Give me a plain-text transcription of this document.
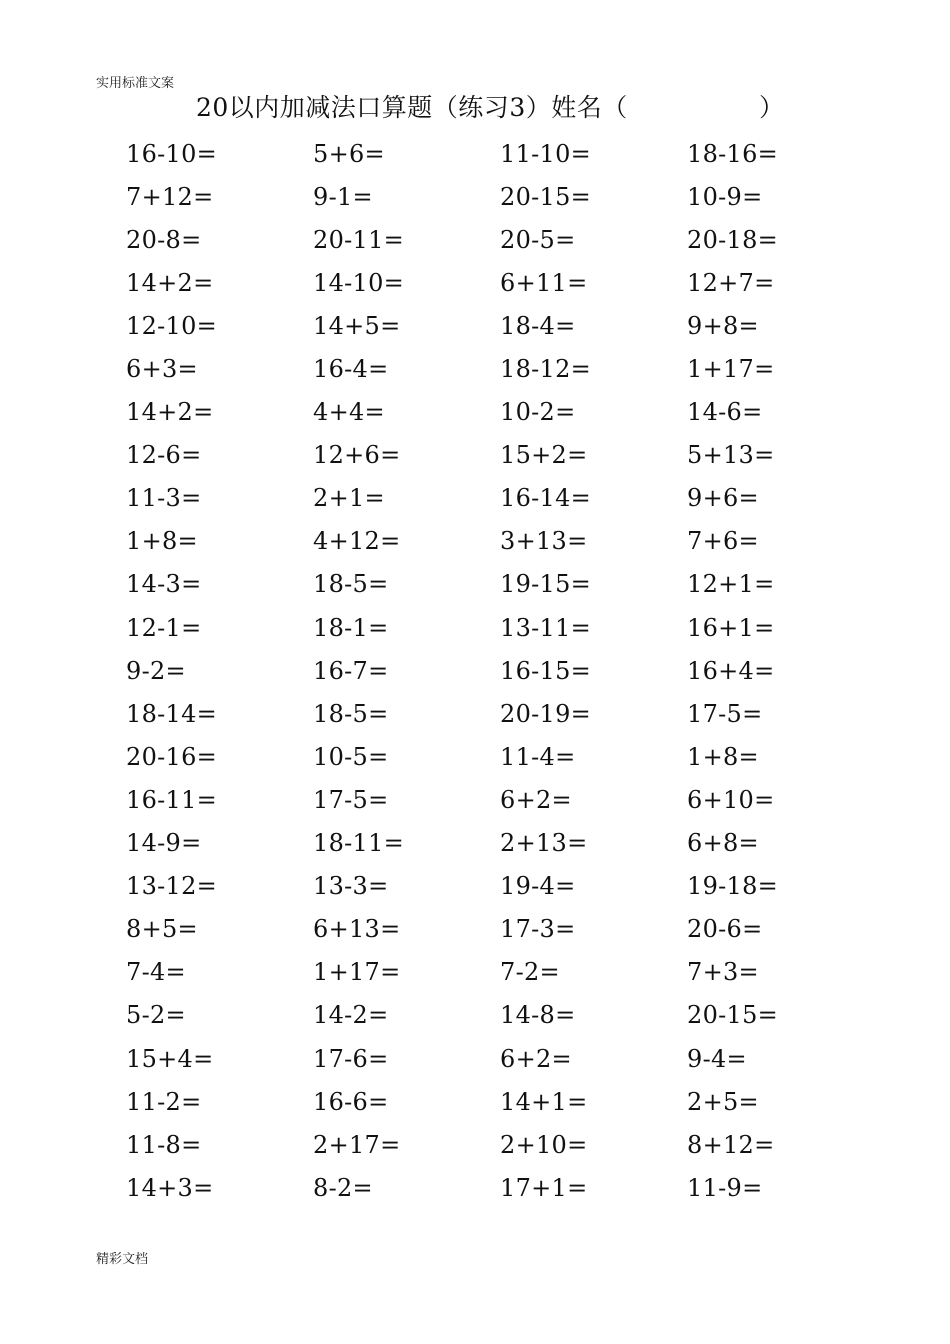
实用标准文案
20以内加减法口算题（练习3）姓名（	）
16-10=	5+6=	11-10=	18-16=
7+12=	9-1=	20-15=	10-9=
20-8=	20-11=	20-5=	20-18=
14+2=	14-10=	6+11=	12+7=
12-10=	14+5=	18-4=	9+8=
6+3=	16-4=	18-12=	1+17=
14+2=	4+4=	10-2=	14-6=
12-6=	12+6=	15+2=	5+13=
11-3=	2+1=	16-14=	9+6=
1+8=	4+12=	3+13=	7+6=
14-3=	18-5=	19-15=	12+1=
12-1=	18-1=	13-11=	16+1=
9-2=	16-7=	16-15=	16+4=
18-14=	18-5=	20-19=	17-5=
20-16=	10-5=	11-4=	1+8=
16-11=	17-5=	6+2=	6+10=
14-9=	18-11=	2+13=	6+8=
13-12=	13-3=	19-4=	19-18=
8+5=	6+13=	17-3=	20-6=
7-4=	1+17=	7-2=	7+3=
5-2=	14-2=	14-8=	20-15=
15+4=	17-6=	6+2=	9-4=
11-2=	16-6=	14+1=	2+5=
11-8=	2+17=	2+10=	8+12=
14+3=	8-2=	17+1=	11-9=
精彩文档
